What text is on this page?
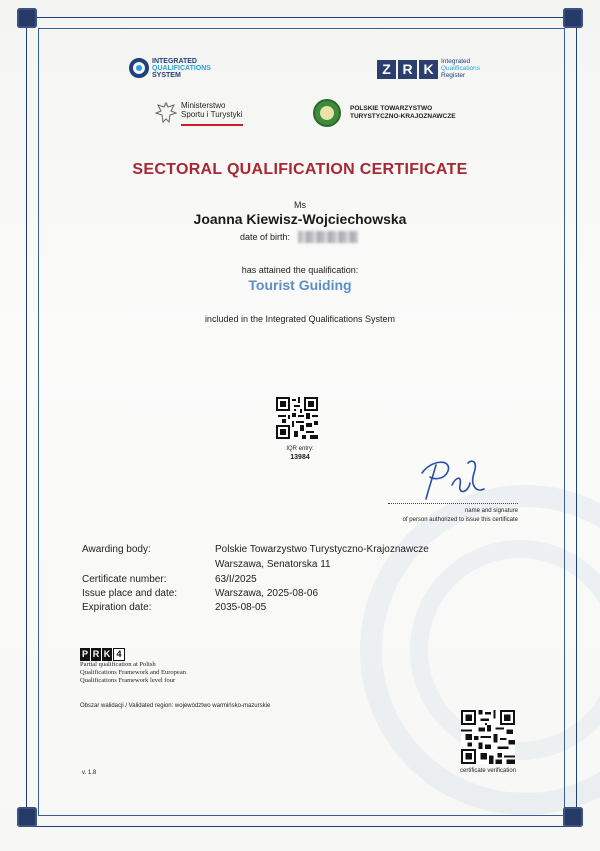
INTEGRATED
QUALIFICATIONS
SYSTEM	Z R K	Integrated
Qualifications
Register
Ministerstwo
Sportu i Turystyki
POLSKIE TOWARZYSTWO
TURYSTYCZNO-KRAJOZNAWCZE
SECTORAL QUALIFICATION CERTIFICATE
Ms
Joanna Kiewisz-Wojciechowska
date of birth:
has attained the qualification:
Tourist Guiding
included in the Integrated Qualifications System
IQR entry:
13984
name and signature
of person authorized to issue this certificate
Awarding body:	Polskie Towarzystwo Turystyczno-Krajoznawcze
Warszawa, Senatorska 11
Certificate number:	63/I/2025
Issue place and date:	Warszawa, 2025-08-06
Expiration date:	2035-08-05
P R K 4
Partial qualification at Polish
Qualifications Framework and European
Qualifications Framework level four
Obszar walidacji / Validated region: województwo warmińsko-mazurskie
certificate verification
v. 1.8
